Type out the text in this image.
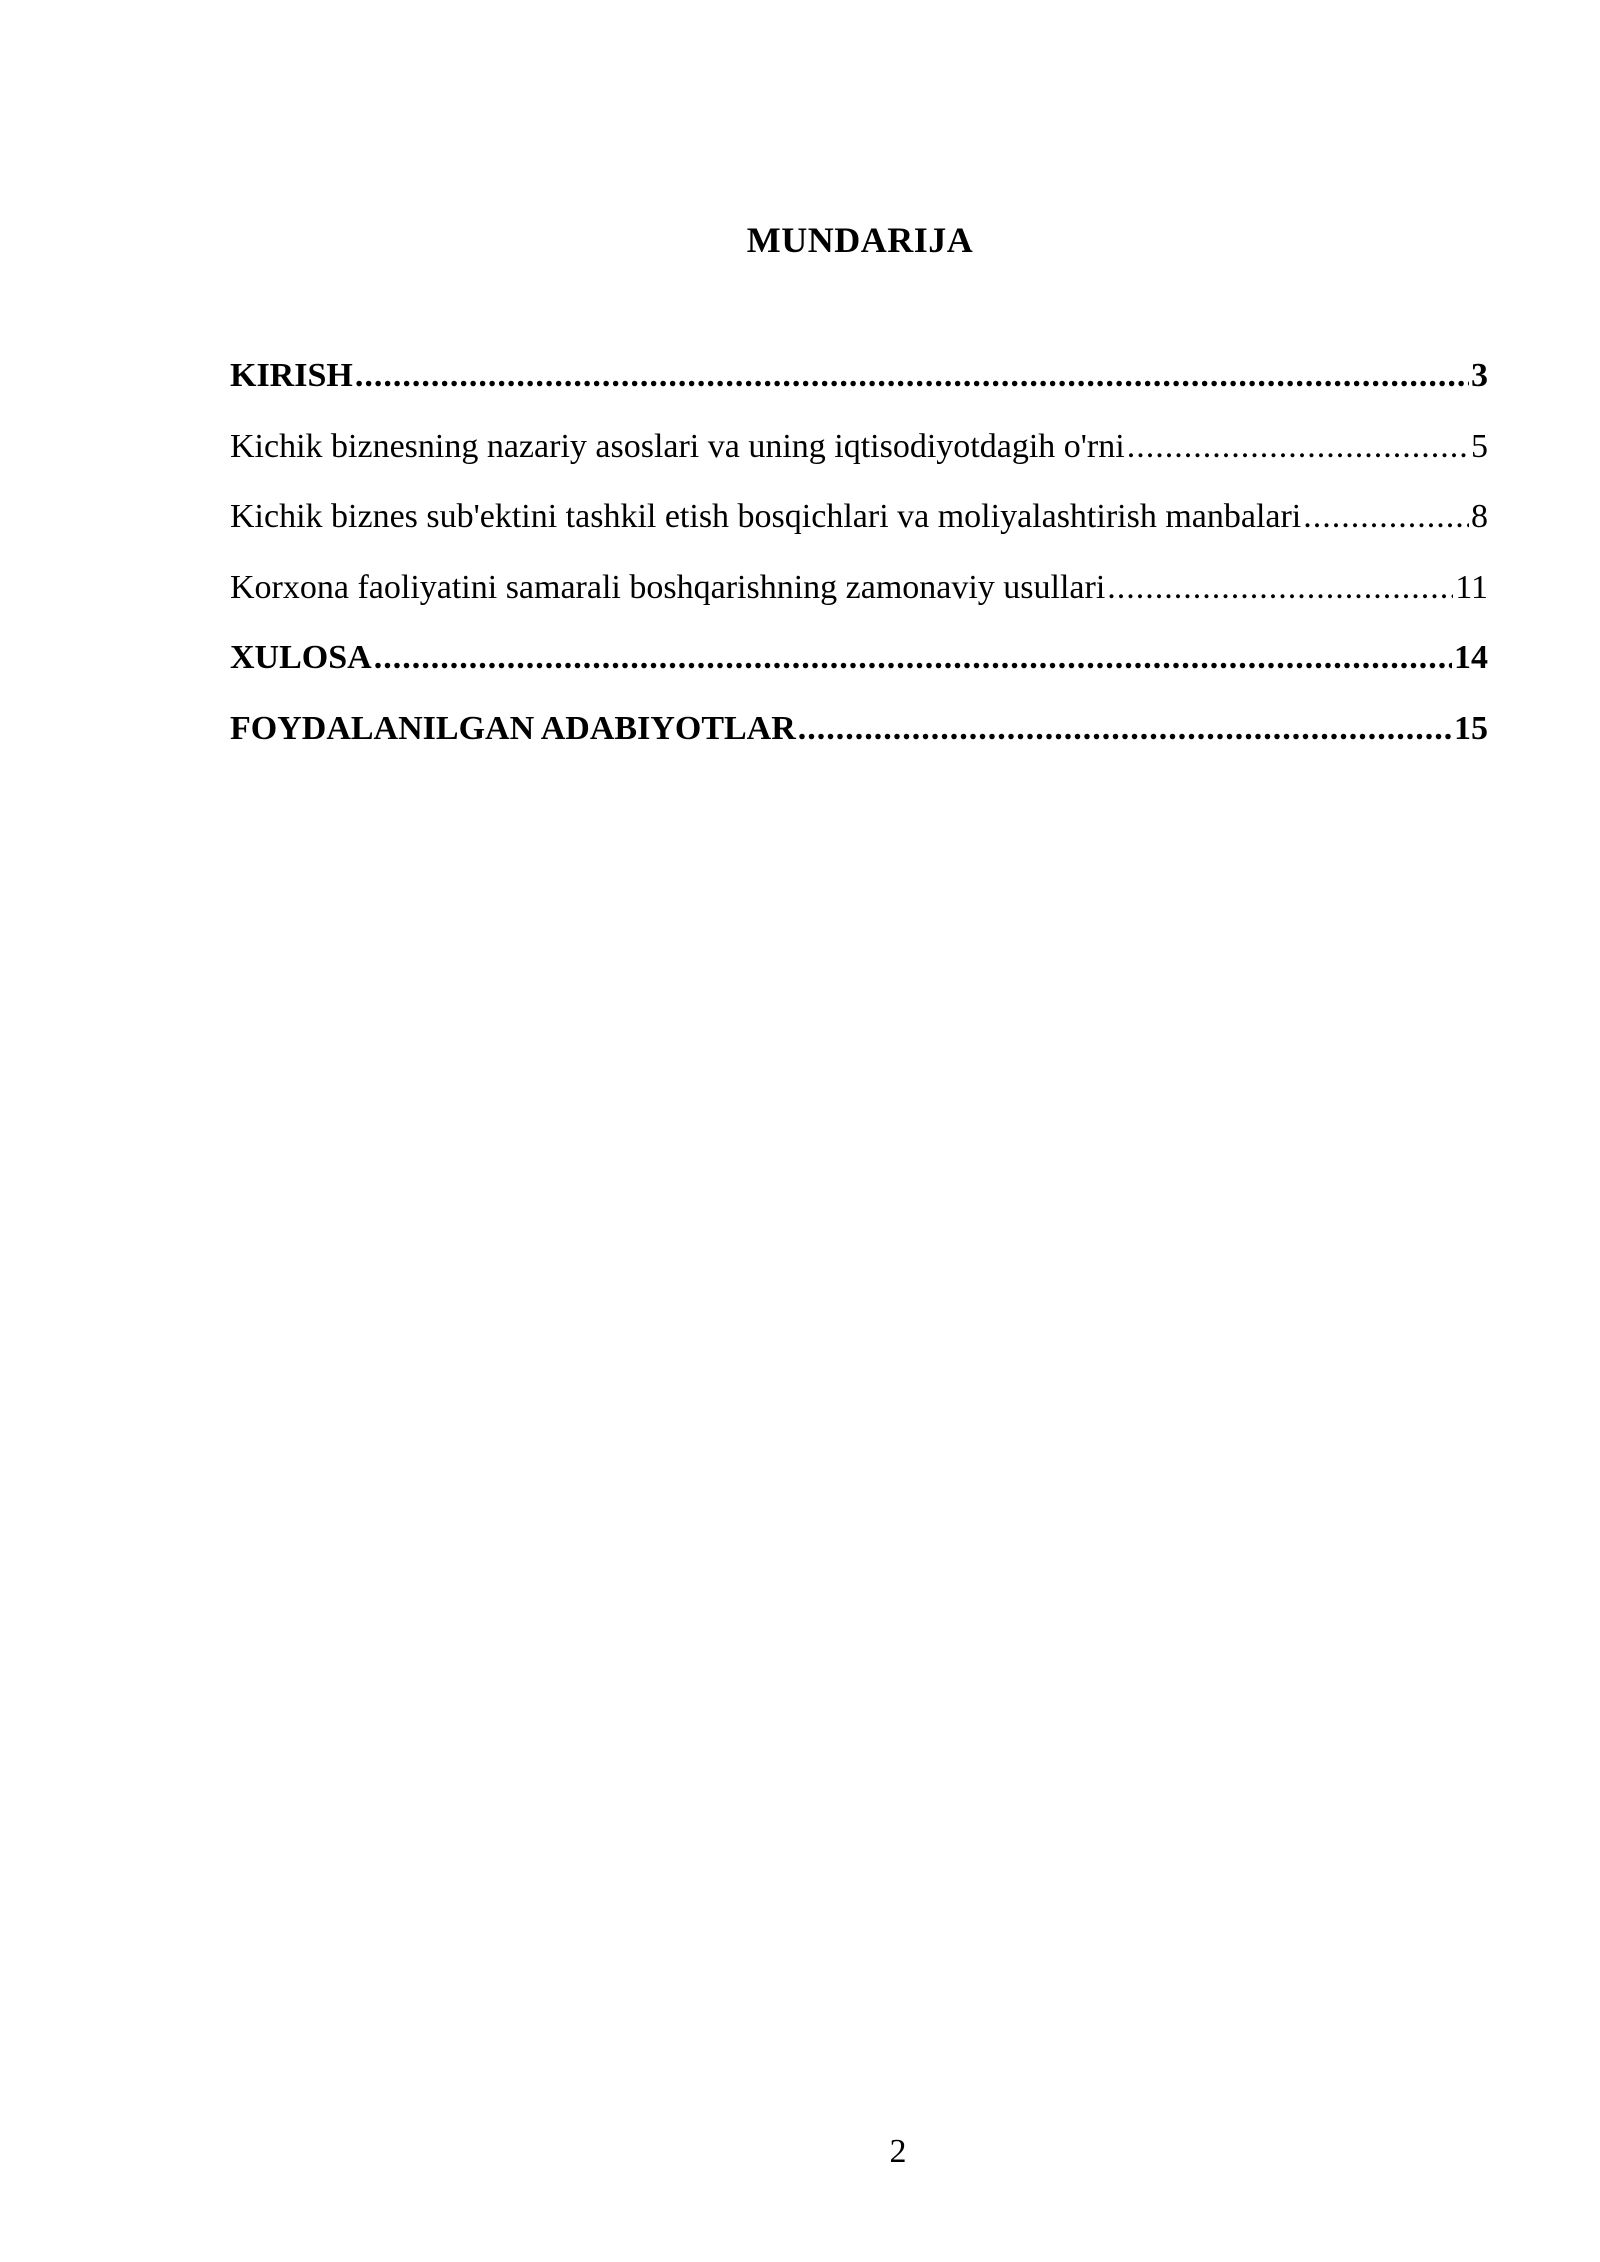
MUNDARIJA
KIRISH .....	3
Kichik biznesning nazariy asoslari va uning iqtisodiyotdagih o'rni .....	5
Kichik biznes sub'ektini tashkil etish bosqichlari va moliyalashtirish manbalari .....	8
Korxona faoliyatini samarali boshqarishning zamonaviy usullari .....	11
XULOSA .....	14
FOYDALANILGAN ADABIYOTLAR .....	15
2
